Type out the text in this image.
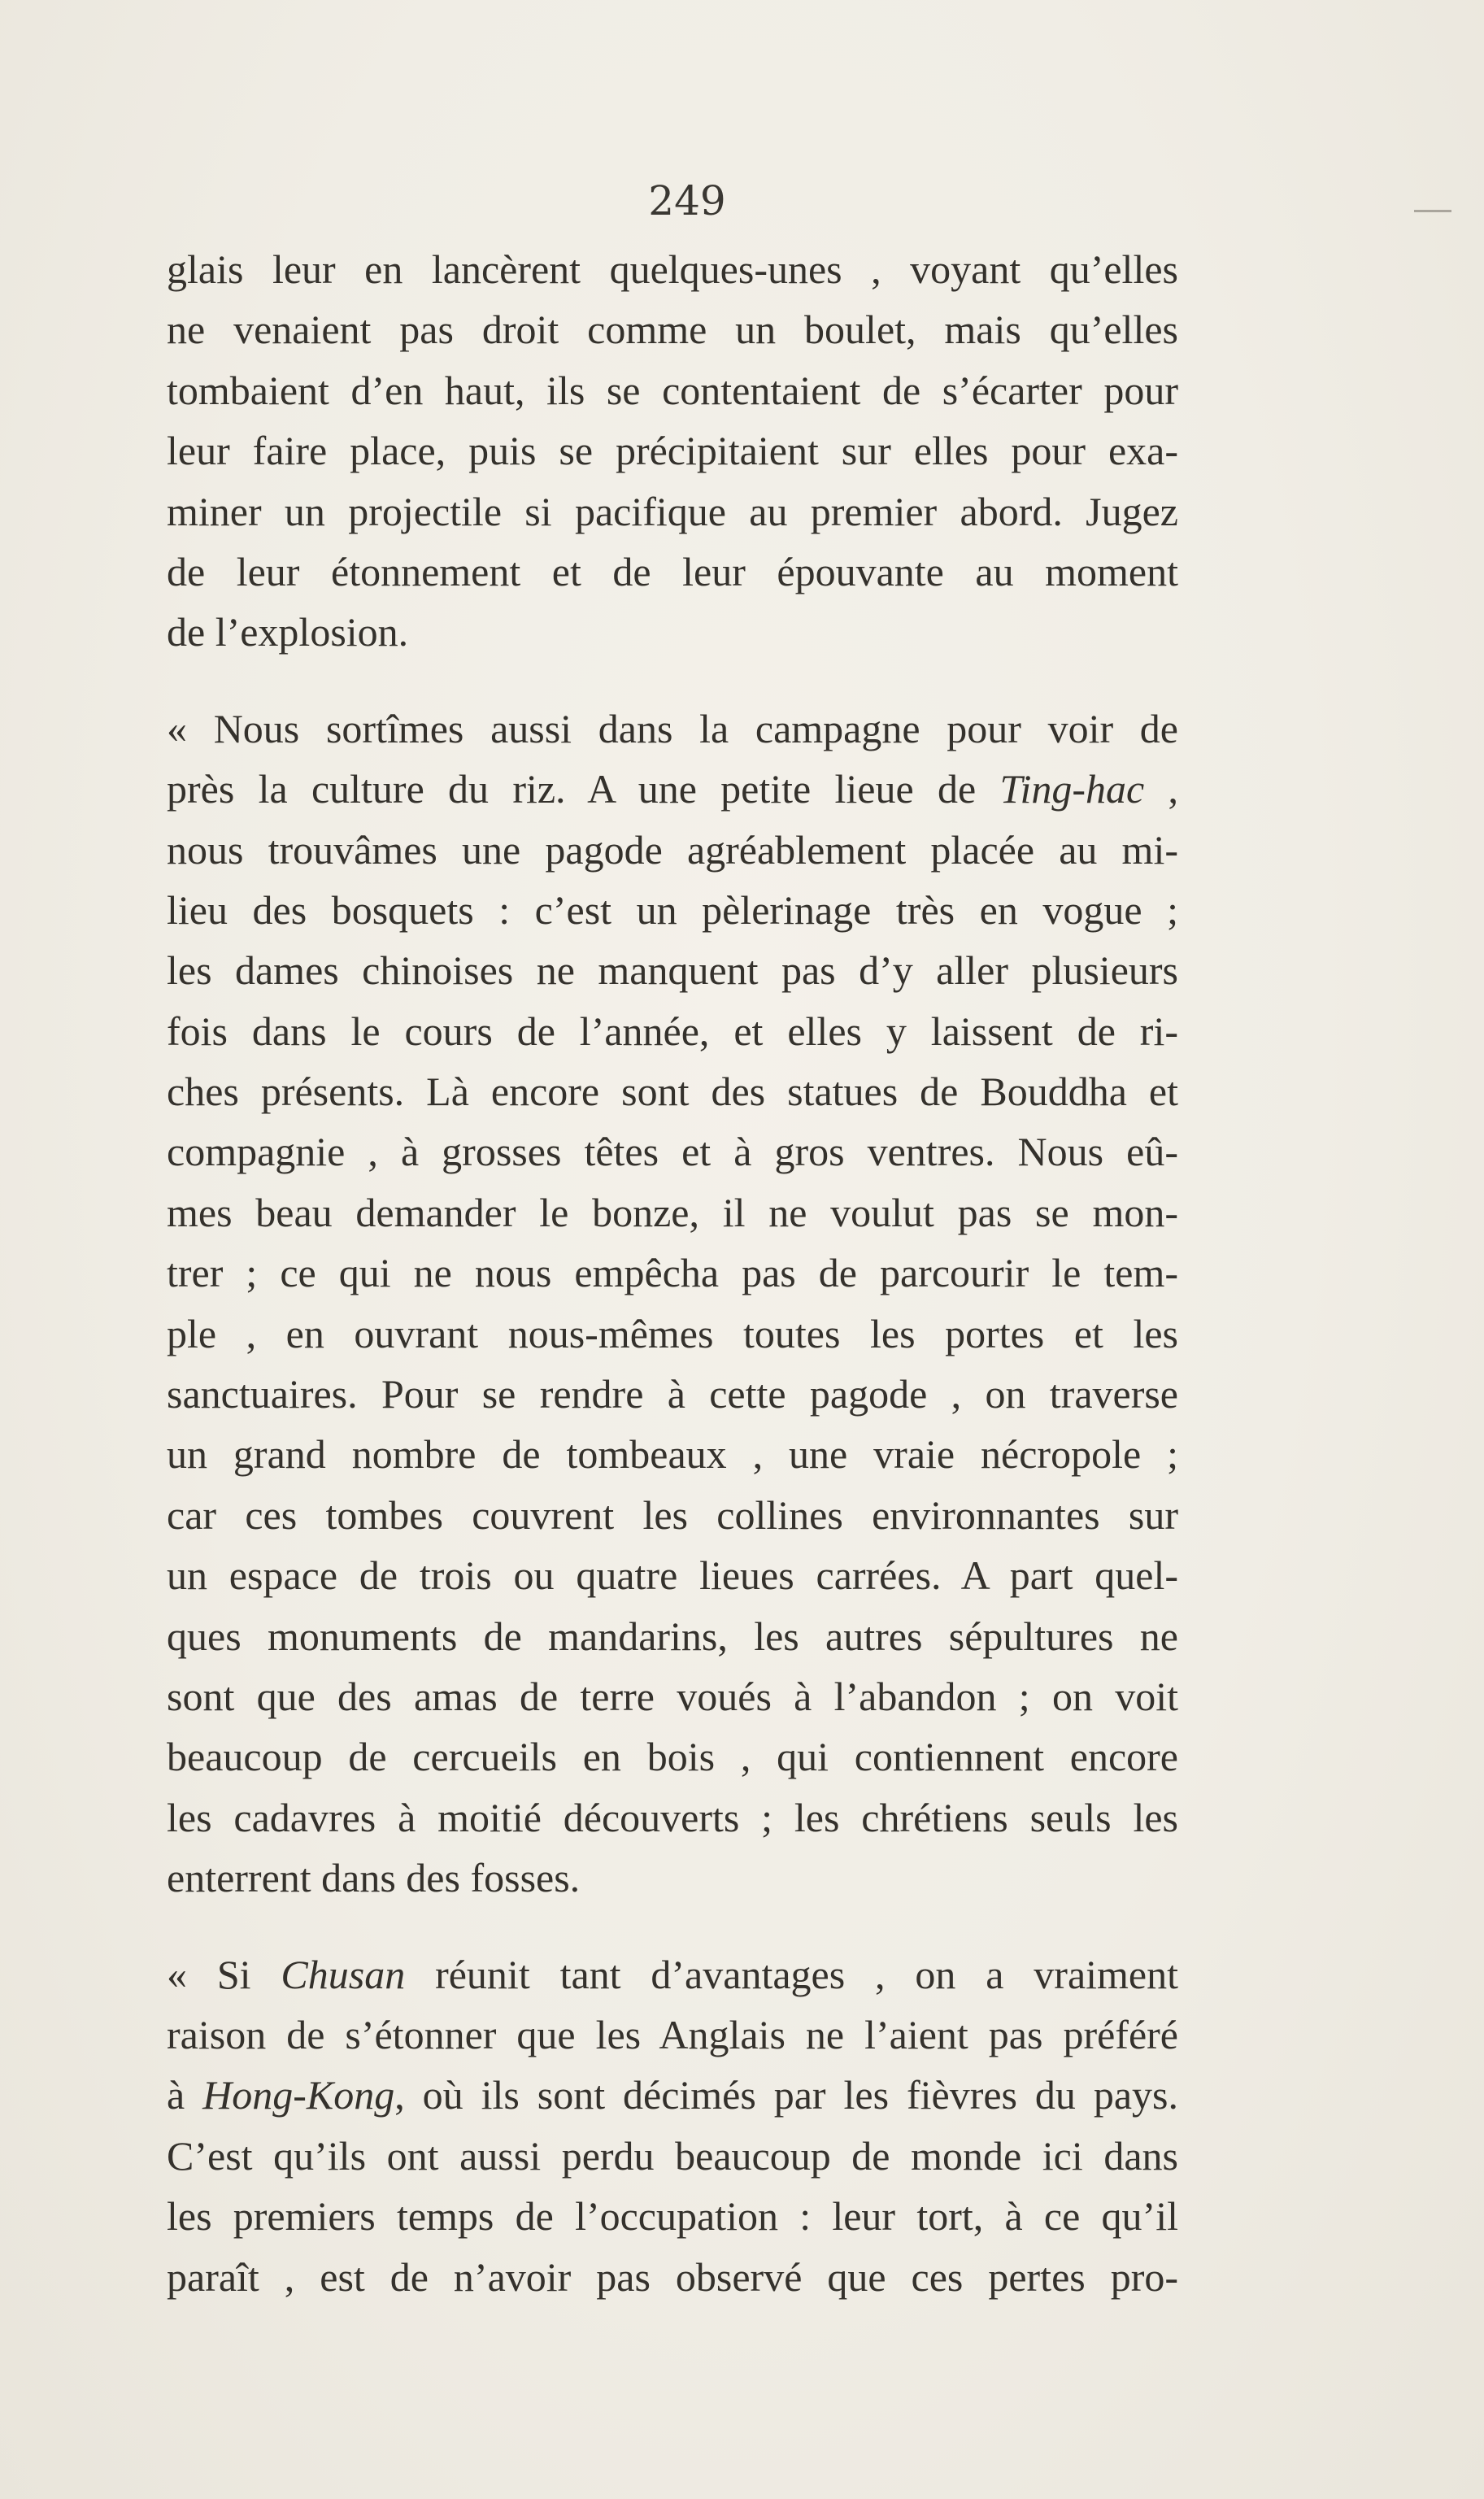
249

glais leur en lancèrent quelques-unes , voyant qu’elles
ne venaient pas droit comme un boulet, mais qu’elles
tombaient d’en haut, ils se contentaient de s’écarter pour
leur faire place, puis se précipitaient sur elles pour exa-
miner un projectile si pacifique au premier abord. Jugez
de leur étonnement et de leur épouvante au moment
de l’explosion.
« Nous sortîmes aussi dans la campagne pour voir de
près la culture du riz. A une petite lieue de Ting-hac ,
nous trouvâmes une pagode agréablement placée au mi-
lieu des bosquets : c’est un pèlerinage très en vogue ;
les dames chinoises ne manquent pas d’y aller plusieurs
fois dans le cours de l’année, et elles y laissent de ri-
ches présents. Là encore sont des statues de Bouddha et
compagnie , à grosses têtes et à gros ventres. Nous eû-
mes beau demander le bonze, il ne voulut pas se mon-
trer ; ce qui ne nous empêcha pas de parcourir le tem-
ple , en ouvrant nous-mêmes toutes les portes et les
sanctuaires. Pour se rendre à cette pagode , on traverse
un grand nombre de tombeaux , une vraie nécropole ;
car ces tombes couvrent les collines environnantes sur
un espace de trois ou quatre lieues carrées. A part quel-
ques monuments de mandarins, les autres sépultures ne
sont que des amas de terre voués à l’abandon ; on voit
beaucoup de cercueils en bois , qui contiennent encore
les cadavres à moitié découverts ; les chrétiens seuls les
enterrent dans des fosses.
« Si Chusan réunit tant d’avantages , on a vraiment
raison de s’étonner que les Anglais ne l’aient pas préféré
à Hong-Kong, où ils sont décimés par les fièvres du pays.
C’est qu’ils ont aussi perdu beaucoup de monde ici dans
les premiers temps de l’occupation : leur tort, à ce qu’il
paraît , est de n’avoir pas observé que ces pertes pro-
